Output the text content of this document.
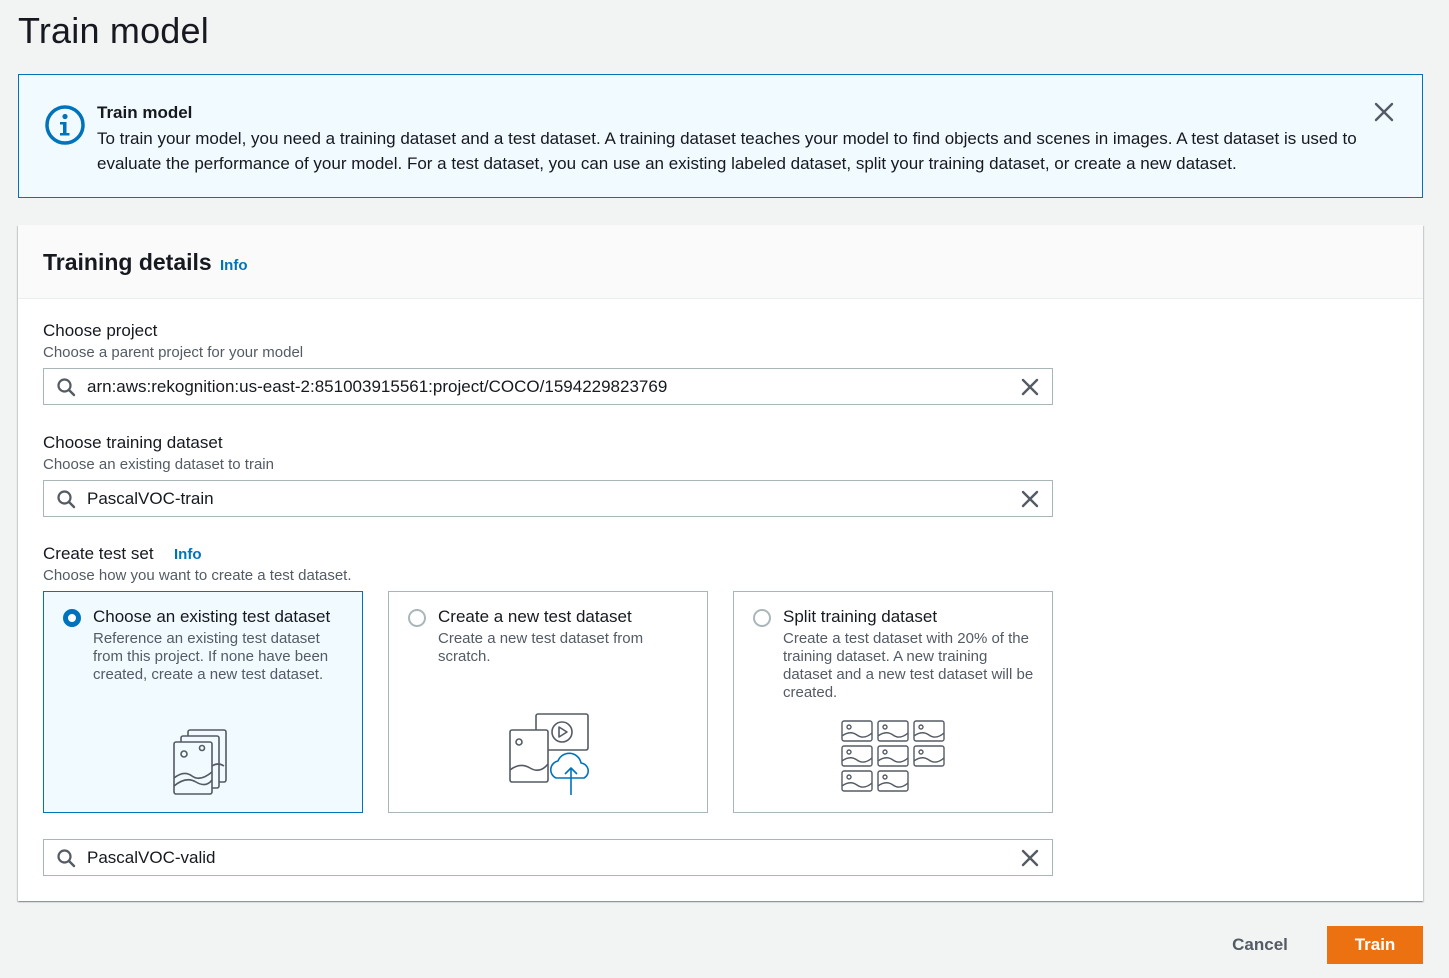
Train model
Train model
To train your model, you need a training dataset and a test dataset. A training dataset teaches your model to find objects and scenes in images. A test dataset is used to evaluate the performance of your model. For a test dataset, you can use an existing labeled dataset, split your training dataset, or create a new dataset.
Training details Info
Choose project
Choose a parent project for your model
arn:aws:rekognition:us-east-2:851003915561:project/COCO/1594229823769
Choose training dataset
Choose an existing dataset to train
PascalVOC-train
Create test set Info
Choose how you want to create a test dataset.
Choose an existing test dataset
Reference an existing test dataset from this project. If none have been created, create a new test dataset.
Create a new test dataset
Create a new test dataset from scratch.
Split training dataset
Create a test dataset with 20% of the training dataset. A new training dataset and a new test dataset will be created.
PascalVOC-valid
Cancel	Train
